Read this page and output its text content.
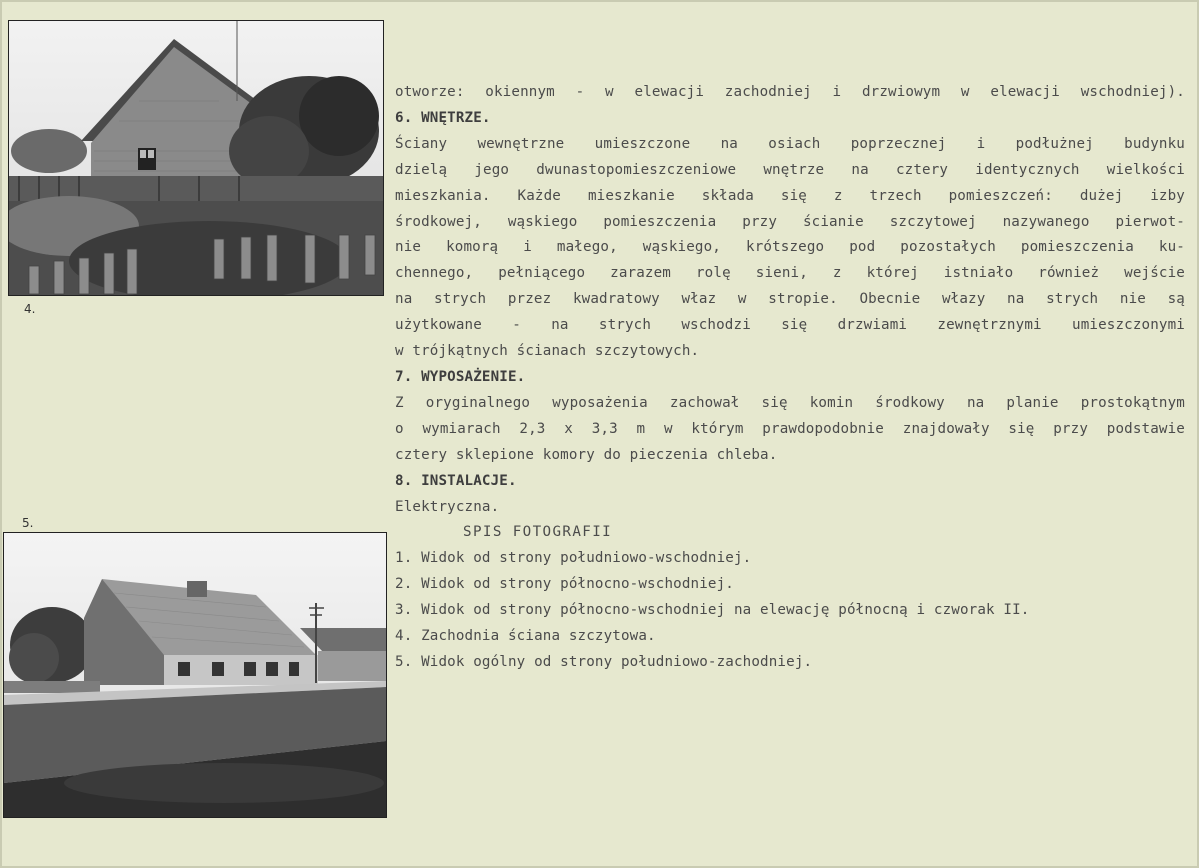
4.
5.

otworze: okiennym - w elewacji zachodniej i drzwiowym w elewacji wschodniej).

6. WNĘTRZE.

Ściany wewnętrzne umieszczone na osiach poprzecznej i podłużnej budynku

dzielą jego dwunastopomieszczeniowe wnętrze na cztery identycznych wielkości

mieszkania. Każde mieszkanie składa się z trzech pomieszczeń: dużej izby

środkowej, wąskiego pomieszczenia przy ścianie szczytowej nazywanego pierwot-

nie komorą i małego, wąskiego, krótszego pod pozostałych pomieszczenia ku-

chennego, pełniącego zarazem rolę sieni, z której istniało również wejście

na strych przez kwadratowy właz w stropie. Obecnie włazy na strych nie są

użytkowane - na strych wschodzi się drzwiami zewnętrznymi umieszczonymi

w trójkątnych ścianach szczytowych.

7. WYPOSAŻENIE.

Z oryginalnego wyposażenia zachował się komin środkowy na planie prostokątnym

o wymiarach 2,3 x 3,3 m w którym prawdopodobnie znajdowały się przy podstawie

cztery sklepione komory do pieczenia chleba.

8. INSTALACJE.

Elektryczna.

SPIS FOTOGRAFII

1. Widok od strony południowo-wschodniej.

2. Widok od strony północno-wschodniej.

3. Widok od strony północno-wschodniej na elewację północną i czworak II.

4. Zachodnia ściana szczytowa.

5. Widok ogólny od strony południowo-zachodniej.
